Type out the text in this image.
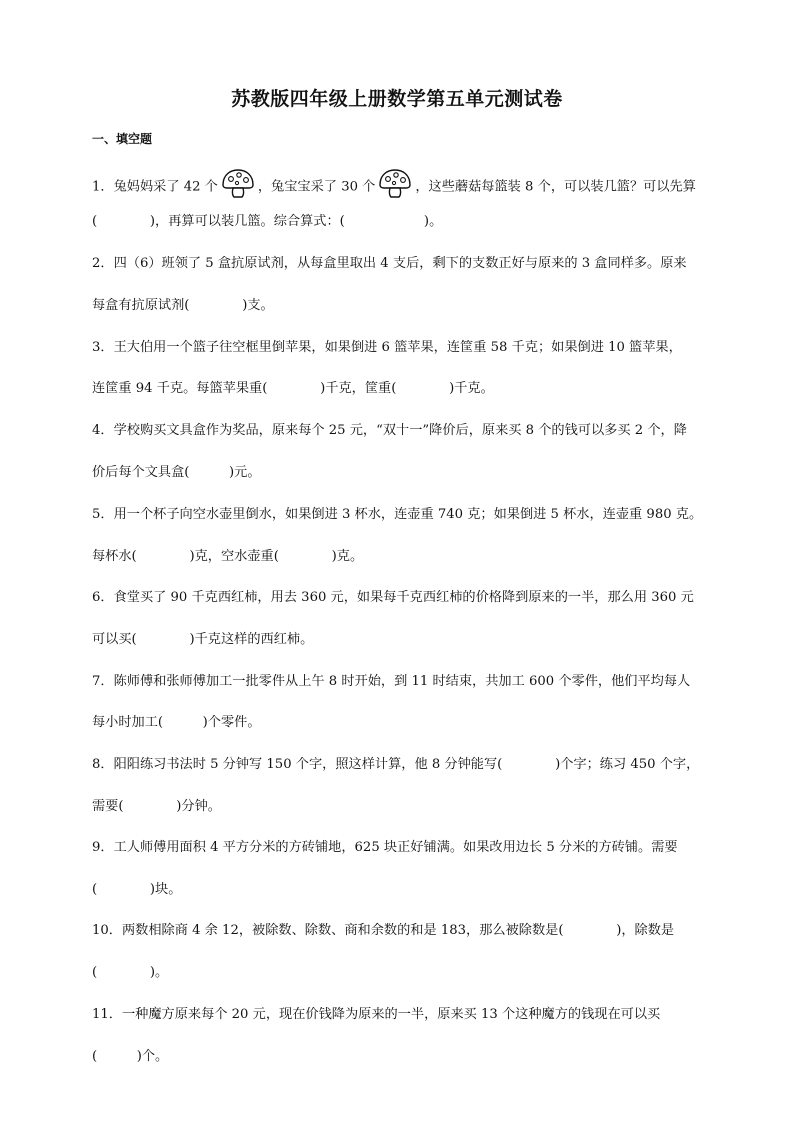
苏教版四年级上册数学第五单元测试卷
一、填空题
1．兔妈妈采了 42 个	，兔宝宝采了 30 个	，这些蘑菇每篮装 8 个，可以装几篮？可以先算
(　　　　)，再算可以装几篮。综合算式：(　　　　　　)。
2．四（6）班领了 5 盒抗原试剂，从每盒里取出 4 支后，剩下的支数正好与原来的 3 盒同样多。原来
每盒有抗原试剂(　　　　)支。
3．王大伯用一个篮子往空框里倒苹果，如果倒进 6 篮苹果，连筐重 58 千克；如果倒进 10 篮苹果，
连筐重 94 千克。每篮苹果重(　　　　)千克，筐重(　　　　)千克。
4．学校购买文具盒作为奖品，原来每个 25 元，“双十一”降价后，原来买 8 个的钱可以多买 2 个，降
价后每个文具盒(　　　)元。
5．用一个杯子向空水壶里倒水，如果倒进 3 杯水，连壶重 740 克；如果倒进 5 杯水，连壶重 980 克。
每杯水(　　　　)克，空水壶重(　　　　)克。
6．食堂买了 90 千克西红柿，用去 360 元，如果每千克西红柿的价格降到原来的一半，那么用 360 元
可以买(　　　　)千克这样的西红柿。
7．陈师傅和张师傅加工一批零件从上午 8 时开始，到 11 时结束，共加工 600 个零件，他们平均每人
每小时加工(　　　)个零件。
8．阳阳练习书法时 5 分钟写 150 个字，照这样计算，他 8 分钟能写(　　　　)个字；练习 450 个字，
需要(　　　　)分钟。
9．工人师傅用面积 4 平方分米的方砖铺地，625 块正好铺满。如果改用边长 5 分米的方砖铺。需要
(　　　　)块。
10．两数相除商 4 余 12，被除数、除数、商和余数的和是 183，那么被除数是(　　　　)，除数是
(　　　　)。
11．一种魔方原来每个 20 元，现在价钱降为原来的一半，原来买 13 个这种魔方的钱现在可以买
(　　　)个。
